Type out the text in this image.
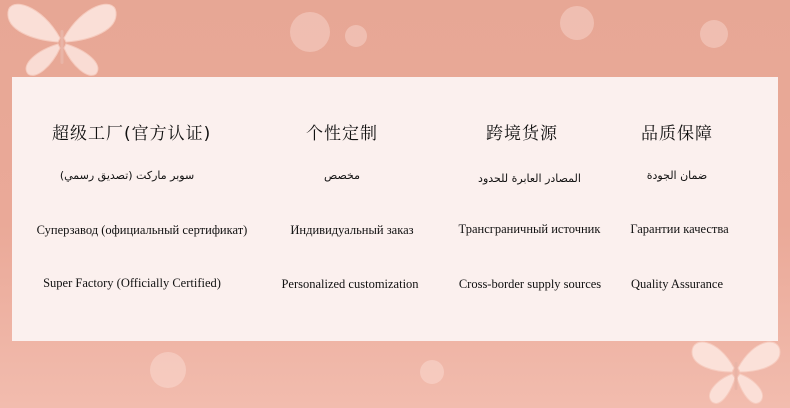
超级工厂(官方认证)
سوبر ماركت (تصديق رسمي)
Суперзавод (официальный сертификат)
Super Factory (Officially Certified)
个性定制
مخصص
Индивидуальный заказ
Personalized customization
跨境货源
المصادر العابرة للحدود
Трансграничный источник
Cross-border supply sources
品质保障
ضمان الجودة
Гарантии качества
Quality Assurance
